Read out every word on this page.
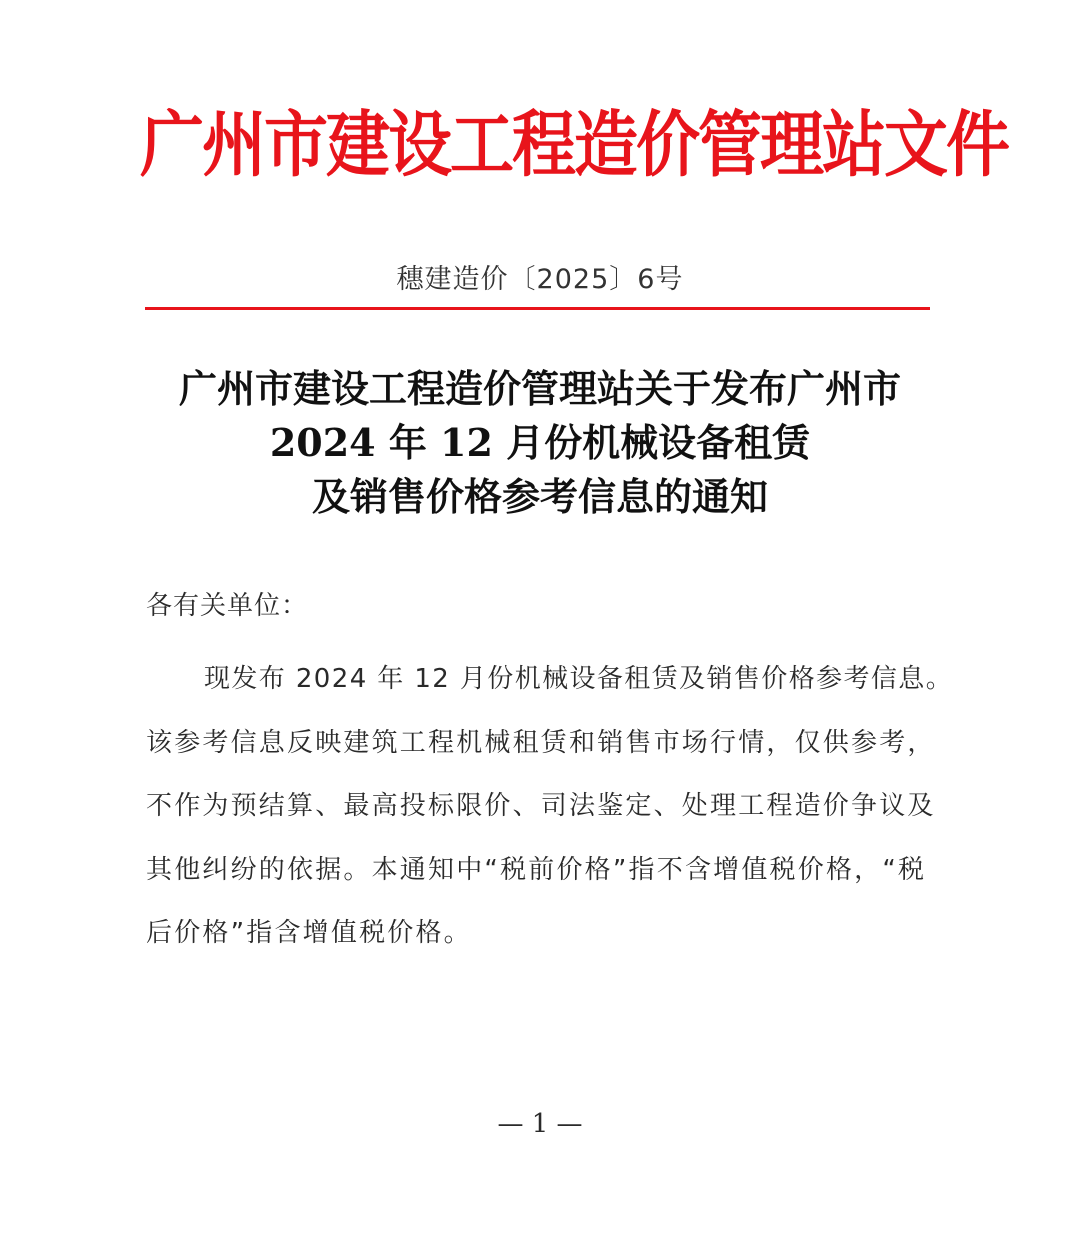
广州市建设工程造价管理站文件
穗建造价〔2025〕6号
广州市建设工程造价管理站关于发布广州市
2024 年 12 月份机械设备租赁
及销售价格参考信息的通知
各有关单位：
现发布 2024 年 12 月份机械设备租赁及销售价格参考信息。
该参考信息反映建筑工程机械租赁和销售市场行情，仅供参考，
不作为预结算、最高投标限价、司法鉴定、处理工程造价争议及
其他纠纷的依据。本通知中“税前价格”指不含增值税价格，“税
后价格”指含增值税价格。
— 1 —
